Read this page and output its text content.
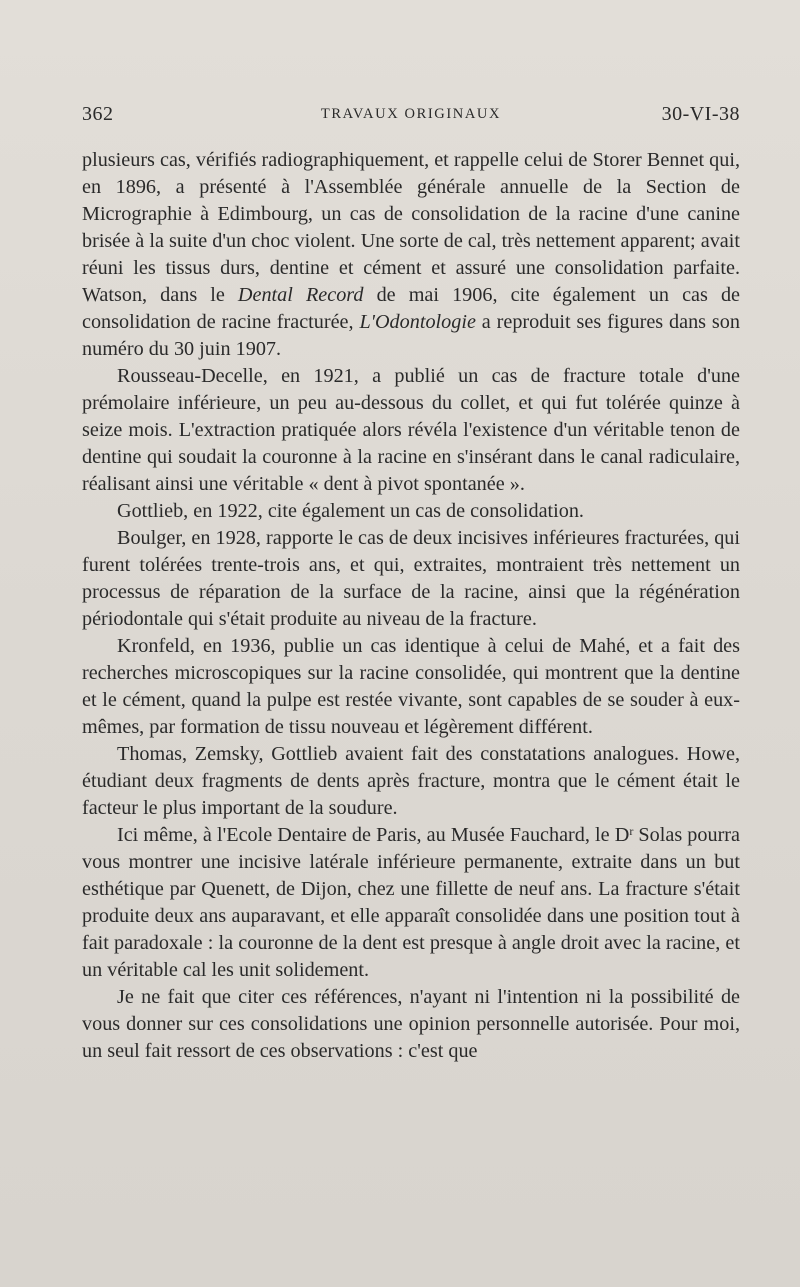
362	TRAVAUX ORIGINAUX	30-VI-38

plusieurs cas, vérifiés radiographiquement, et rappelle celui de Storer Bennet qui, en 1896, a présenté à l'Assemblée générale annuelle de la Section de Micrographie à Edimbourg, un cas de consolidation de la racine d'une canine brisée à la suite d'un choc violent. Une sorte de cal, très nettement apparent; avait réuni les tissus durs, dentine et cément et assuré une consolidation parfaite. Watson, dans le Dental Record de mai 1906, cite également un cas de consolidation de racine fracturée, L'Odontologie a reproduit ses figures dans son numéro du 30 juin 1907.

Rousseau-Decelle, en 1921, a publié un cas de fracture totale d'une prémolaire inférieure, un peu au-dessous du collet, et qui fut tolérée quinze à seize mois. L'extraction pratiquée alors révéla l'existence d'un véritable tenon de dentine qui soudait la couronne à la racine en s'insérant dans le canal radiculaire, réalisant ainsi une véritable « dent à pivot spontanée ».

Gottlieb, en 1922, cite également un cas de consolidation.

Boulger, en 1928, rapporte le cas de deux incisives inférieures fracturées, qui furent tolérées trente-trois ans, et qui, extraites, montraient très nettement un processus de réparation de la surface de la racine, ainsi que la régénération périodontale qui s'était produite au niveau de la fracture.

Kronfeld, en 1936, publie un cas identique à celui de Mahé, et a fait des recherches microscopiques sur la racine consolidée, qui montrent que la dentine et le cément, quand la pulpe est restée vivante, sont capables de se souder à eux-mêmes, par formation de tissu nouveau et légèrement différent.

Thomas, Zemsky, Gottlieb avaient fait des constatations analogues. Howe, étudiant deux fragments de dents après fracture, montra que le cément était le facteur le plus important de la soudure.

Ici même, à l'Ecole Dentaire de Paris, au Musée Fauchard, le $D^r$ Solas pourra vous montrer une incisive latérale inférieure permanente, extraite dans un but esthétique par Quenett, de Dijon, chez une fillette de neuf ans. La fracture s'était produite deux ans auparavant, et elle apparaît consolidée dans une position tout à fait paradoxale : la couronne de la dent est presque à angle droit avec la racine, et un véritable cal les unit solidement.

Je ne fait que citer ces références, n'ayant ni l'intention ni la possibilité de vous donner sur ces consolidations une opinion personnelle autorisée. Pour moi, un seul fait ressort de ces observations : c'est que
